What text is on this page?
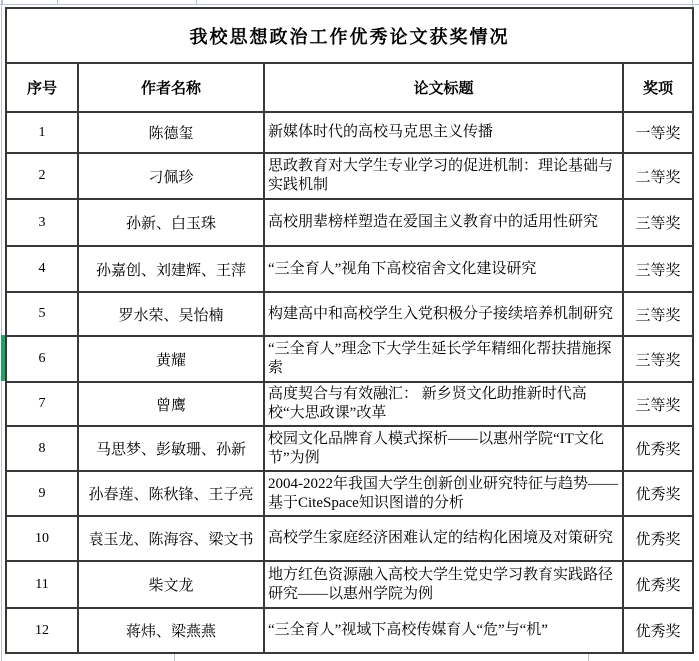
我校思想政治工作优秀论文获奖情况			
序号	作者名称	论文标题	奖项
1	陈德玺	新媒体时代的高校马克思主义传播	一等奖
2	刁佩珍	思政教育对大学生专业学习的促进机制：理论基础与实践机制	二等奖
3	孙新、白玉珠	高校朋辈榜样塑造在爱国主义教育中的适用性研究	三等奖
4	孙嘉创、刘建辉、王萍	“三全育人”视角下高校宿舍文化建设研究	三等奖
5	罗水荣、吴怡楠	构建高中和高校学生入党积极分子接续培养机制研究	三等奖
6	黄耀	“三全育人”理念下大学生延长学年精细化帮扶措施探索	三等奖
7	曾鹰	高度契合与有效融汇： 新乡贤文化助推新时代高校“大思政课”改革	三等奖
8	马思梦、彭敏珊、孙新	校园文化品牌育人模式探析——以惠州学院“IT文化节”为例	优秀奖
9	孙春莲、陈秋锋、王子亮	2004-2022年我国大学生创新创业研究特征与趋势——基于CiteSpace知识图谱的分析	优秀奖
10	袁玉龙、陈海容、梁文书	高校学生家庭经济困难认定的结构化困境及对策研究	优秀奖
11	柴文龙	地方红色资源融入高校大学生党史学习教育实践路径研究——以惠州学院为例	优秀奖
12	蒋炜、梁燕燕	“三全育人”视域下高校传媒育人“危”与“机”	优秀奖
